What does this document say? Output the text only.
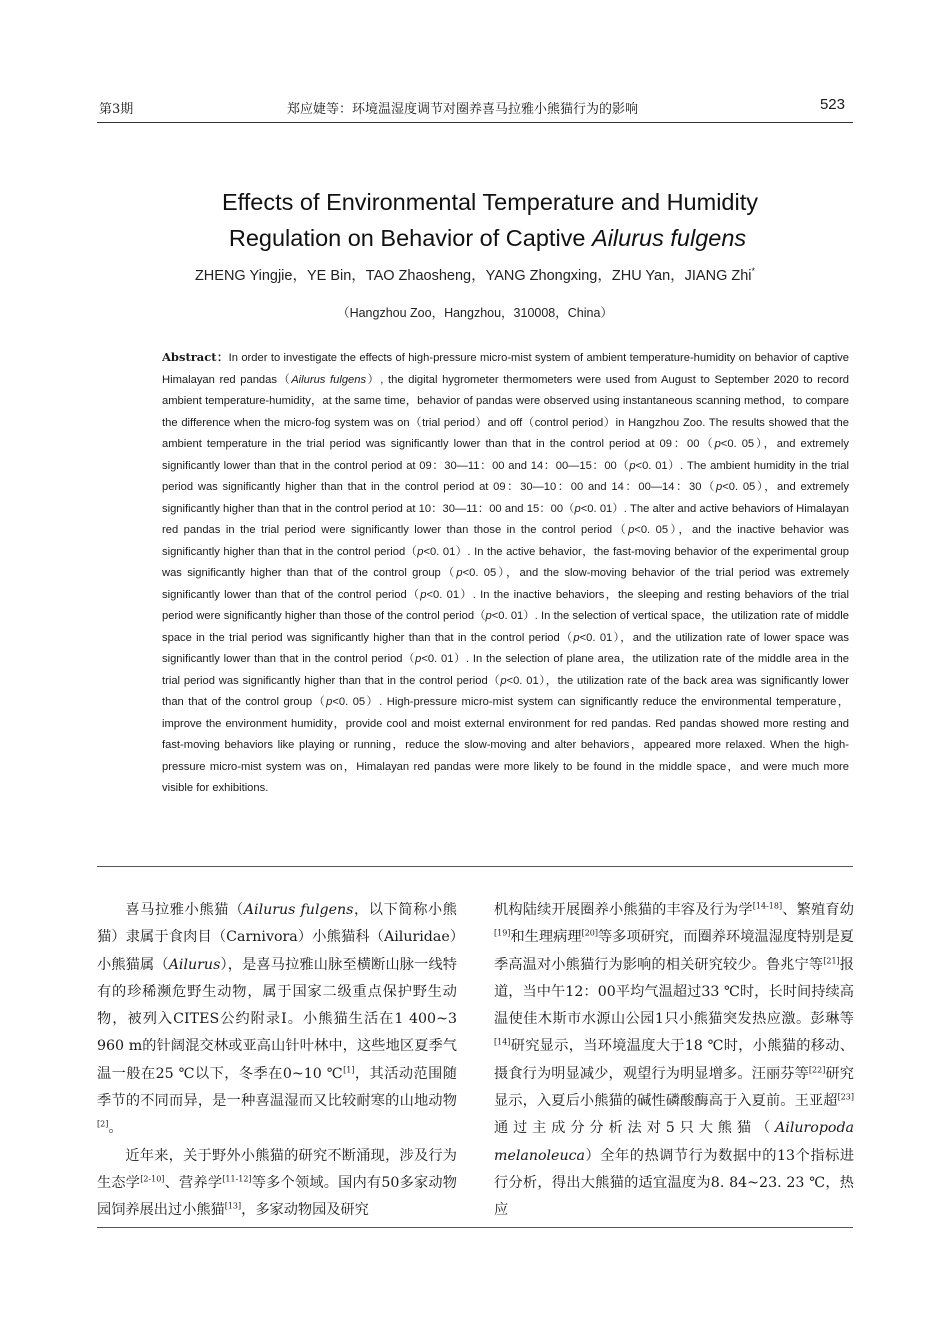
第3期	郑应婕等：环境温湿度调节对圈养喜马拉雅小熊猫行为的影响	523
Effects of Environmental Temperature and Humidity
Regulation on Behavior of Captive Ailurus fulgens
ZHENG Yingjie，YE Bin，TAO Zhaosheng，YANG Zhongxing，ZHU Yan，JIANG Zhi*
（Hangzhou Zoo，Hangzhou，310008，China）
Abstract：In order to investigate the effects of high-pressure micro-mist system of ambient temperature-humidity on behavior of captive Himalayan red pandas（Ailurus fulgens）, the digital hygrometer thermometers were used from August to September 2020 to record ambient temperature-humidity，at the same time，behavior of pandas were observed using instantaneous scanning method，to compare the difference when the micro-fog system was on（trial period）and off（control period）in Hangzhou Zoo. The results showed that the ambient temperature in the trial period was significantly lower than that in the control period at 09：00（p<0. 05），and extremely significantly lower than that in the control period at 09：30—11：00 and 14：00—15：00（p<0. 01）. The ambient humidity in the trial period was significantly higher than that in the control period at 09：30—10：00 and 14：00—14：30（p<0. 05），and extremely significantly higher than that in the control period at 10：30—11：00 and 15：00（p<0. 01）. The alter and active behaviors of Himalayan red pandas in the trial period were significantly lower than those in the control period（p<0. 05），and the inactive behavior was significantly higher than that in the control period（p<0. 01）. In the active behavior，the fast-moving behavior of the experimental group was significantly higher than that of the control group（p<0. 05），and the slow-moving behavior of the trial period was extremely significantly lower than that of the control period（p<0. 01）. In the inactive behaviors，the sleeping and resting behaviors of the trial period were significantly higher than those of the control period（p<0. 01）. In the selection of vertical space，the utilization rate of middle space in the trial period was significantly higher than that in the control period（p<0. 01），and the utilization rate of lower space was significantly lower than that in the control period（p<0. 01）. In the selection of plane area，the utilization rate of the middle area in the trial period was significantly higher than that in the control period（p<0. 01），the utilization rate of the back area was significantly lower than that of the control group（p<0. 05）. High-pressure micro-mist system can significantly reduce the environmental temperature，improve the environment humidity，provide cool and moist external environment for red pandas. Red pandas showed more resting and fast-moving behaviors like playing or running，reduce the slow-moving and alter behaviors，appeared more relaxed. When the high-pressure micro-mist system was on，Himalayan red pandas were more likely to be found in the middle space，and were much more visible for exhibitions.

喜马拉雅小熊猫（Ailurus fulgens，以下简称小熊猫）隶属于食肉目（Carnivora）小熊猫科（Ailuridae）小熊猫属（Ailurus），是喜马拉雅山脉至横断山脉一线特有的珍稀濒危野生动物，属于国家二级重点保护野生动物，被列入CITES公约附录Ⅰ。小熊猫生活在1 400~3 960 m的针阔混交林或亚高山针叶林中，这些地区夏季气温一般在25 ℃以下，冬季在0~10 ℃[1]，其活动范围随季节的不同而异，是一种喜温湿而又比较耐寒的山地动物[2]。

近年来，关于野外小熊猫的研究不断涌现，涉及行为生态学[2-10]、营养学[11-12]等多个领域。国内有50多家动物园饲养展出过小熊猫[13]，多家动物园及研究

机构陆续开展圈养小熊猫的丰容及行为学[14-18]、繁殖育幼[19]和生理病理[20]等多项研究，而圈养环境温湿度特别是夏季高温对小熊猫行为影响的相关研究较少。鲁兆宁等[21]报道，当中午12：00平均气温超过33 ℃时，长时间持续高温使佳木斯市水源山公园1只小熊猫突发热应激。彭琳等[14]研究显示，当环境温度大于18 ℃时，小熊猫的移动、摄食行为明显减少，观望行为明显增多。汪丽芬等[22]研究显示，入夏后小熊猫的碱性磷酸酶高于入夏前。王亚超[23]通过主成分分析法对5只大熊猫（Ailuropoda melanoleuca）全年的热调节行为数据中的13个指标进行分析，得出大熊猫的适宜温度为8. 84~23. 23 ℃，热应
